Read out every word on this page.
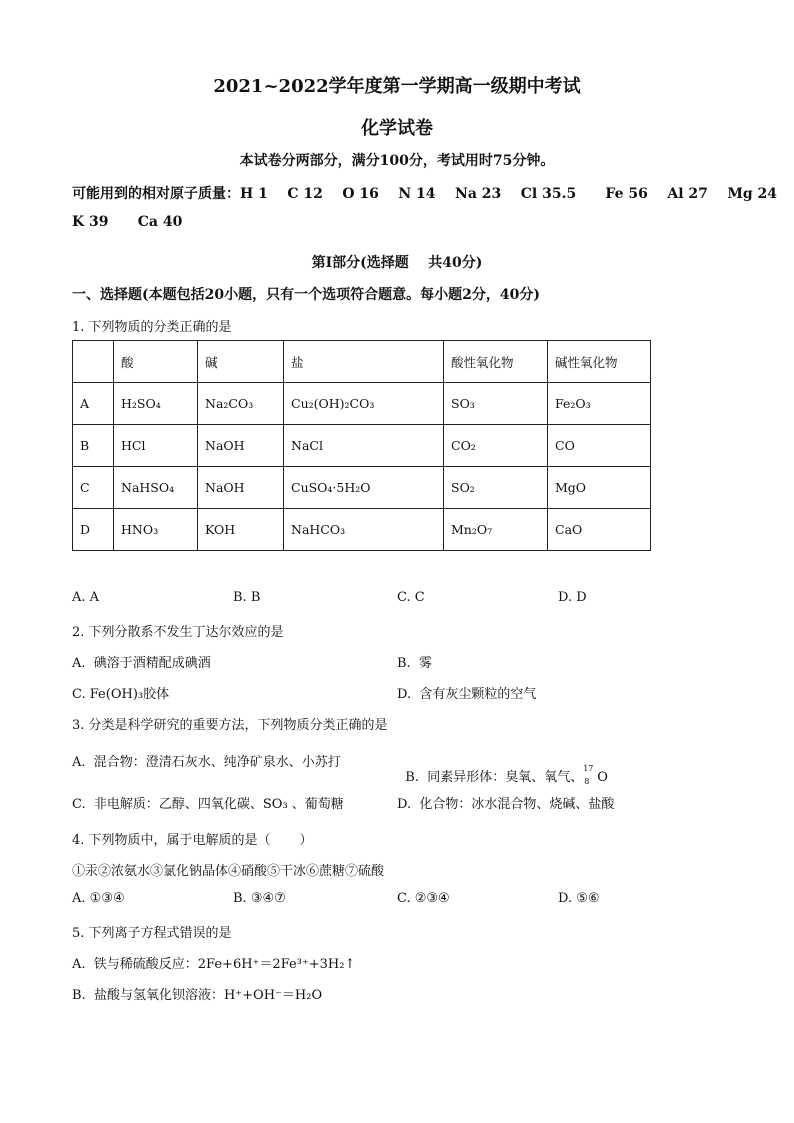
2021~2022学年度第一学期高一级期中考试
化学试卷
本试卷分两部分，满分100分，考试用时75分钟。
可能用到的相对原子质量：H 1    C 12    O 16    N 14    Na 23    Cl 35.5      Fe 56    Al 27    Mg 24
K 39      Ca 40
第I部分(选择题    共40分)
一、选择题(本题包括20小题，只有一个选项符合题意。每小题2分，40分)
1. 下列物质的分类正确的是
	酸	碱	盐	酸性氧化物	碱性氧化物
A	H₂SO₄	Na₂CO₃	Cu₂(OH)₂CO₃	SO₃	Fe₂O₃
B	HCl	NaOH	NaCl	CO₂	CO
C	NaHSO₄	NaOH	CuSO₄·5H₂O	SO₂	MgO
D	HNO₃	KOH	NaHCO₃	Mn₂O₇	CaO
A. A	B. B	C. C	D. D
2. 下列分散系不发生丁达尔效应的是
A.  碘溶于酒精配成碘酒	B.  雾
C. Fe(OH)₃胶体	D.  含有灰尘颗粒的空气
3. 分类是科学研究的重要方法，下列物质分类正确的是
A.  混合物：澄清石灰水、纯净矿泉水、小苏打

B.  同素异形体：臭氧、氧气、
17
8 O

C.  非电解质：乙醇、四氧化碳、SO₃ 、葡萄糖	D.  化合物：冰水混合物、烧碱、盐酸
4. 下列物质中，属于电解质的是（       ）
①汞②浓氨水③氯化钠晶体④硝酸⑤干冰⑥蔗糖⑦硫酸
A. ①③④	B. ③④⑦	C. ②③④	D. ⑤⑥
5. 下列离子方程式错误的是
A.  铁与稀硫酸反应：2Fe+6H⁺＝2Fe³⁺+3H₂↑
B.  盐酸与氢氧化钡溶液：H⁺+OH⁻＝H₂O
